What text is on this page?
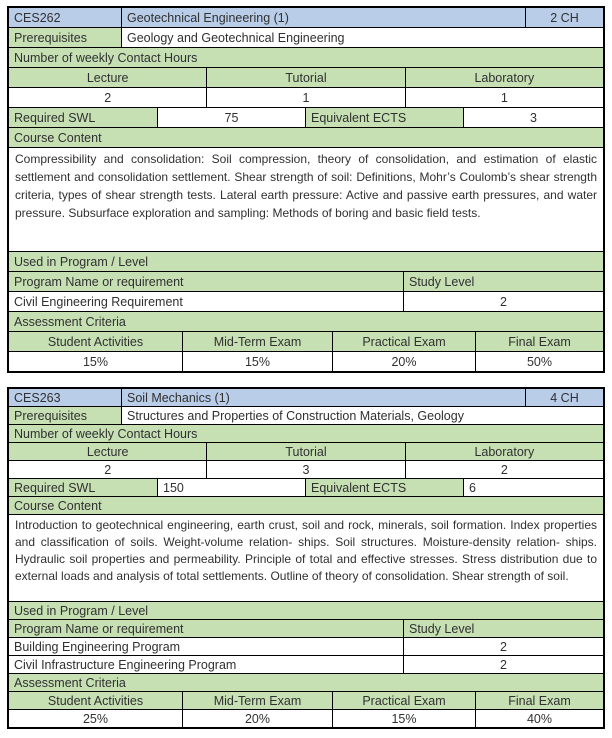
CES262	Geotechnical Engineering (1)	2 CH
Prerequisites	Geology and Geotechnical Engineering
Number of weekly Contact Hours
Lecture	Tutorial	Laboratory
2	1	1
Required SWL	75	Equivalent ECTS	3
Course Content
Compressibility and consolidation: Soil compression, theory of consolidation, and estimation of elastic settlement and consolidation settlement. Shear strength of soil: Definitions, Mohr’s Coulomb’s shear strength criteria, types of shear strength tests. Lateral earth pressure: Active and passive earth pressures, and water pressure. Subsurface exploration and sampling: Methods of boring and basic field tests.
Used in Program / Level
Program Name or requirement	Study Level
Civil Engineering Requirement	2
Assessment Criteria
Student Activities	Mid-Term Exam	Practical Exam	Final Exam
15%	15%	20%	50%
CES263	Soil Mechanics (1)	4 CH
Prerequisites	Structures and Properties of Construction Materials, Geology
Number of weekly Contact Hours
Lecture	Tutorial	Laboratory
2	3	2
Required SWL	150	Equivalent ECTS	6
Course Content
Introduction to geotechnical engineering, earth crust, soil and rock, minerals, soil formation. Index properties and classification of soils. Weight-volume relation- ships. Soil structures. Moisture-density relation- ships. Hydraulic soil properties and permeability. Principle of total and effective stresses. Stress distribution due to external loads and analysis of total settlements. Outline of theory of consolidation. Shear strength of soil.
Used in Program / Level
Program Name or requirement	Study Level
Building Engineering Program	2
Civil Infrastructure Engineering Program	2
Assessment Criteria
Student Activities	Mid-Term Exam	Practical Exam	Final Exam
25%	20%	15%	40%
